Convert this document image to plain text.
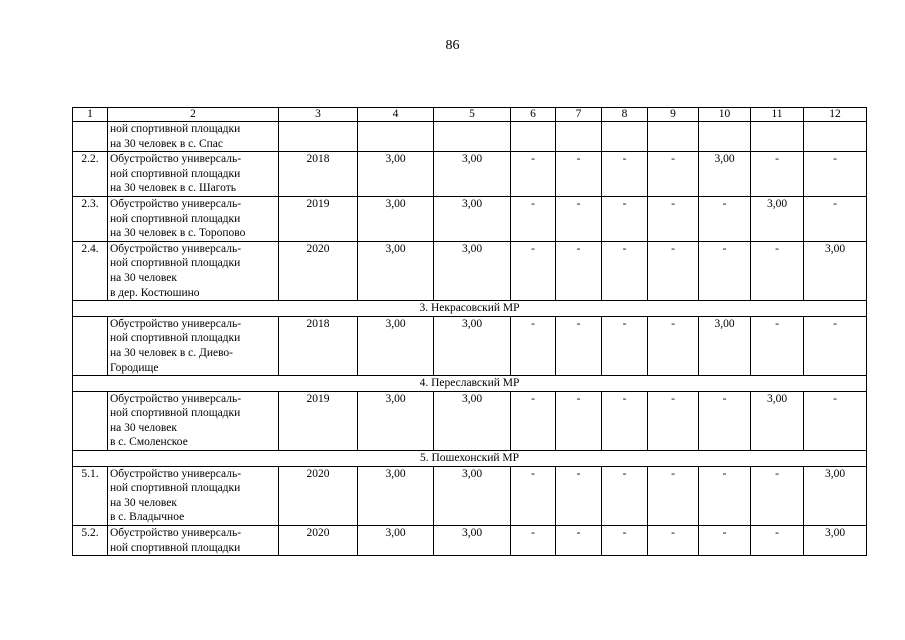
86
1	2	3	4	5	6	7	8	9	10	11	12
	ной спортивной площадки
на 30 человек в с. Спас										
2.2.	Обустройство универсаль-
ной спортивной площадки
на 30 человек в с. Шаготь	2018	3,00	3,00	-	-	-	-	3,00	-	-
2.3.	Обустройство универсаль-
ной спортивной площадки
на 30 человек в с. Торопово	2019	3,00	3,00	-	-	-	-	-	3,00	-
2.4.	Обустройство универсаль-
ной спортивной площадки
на 30 человек
в дер. Костюшино	2020	3,00	3,00	-	-	-	-	-	-	3,00
3. Некрасовский МР											
	Обустройство универсаль-
ной спортивной площадки
на 30 человек в с. Диево-
Городище	2018	3,00	3,00	-	-	-	-	3,00	-	-
4. Переславский МР											
	Обустройство универсаль-
ной спортивной площадки
на 30 человек
в с. Смоленское	2019	3,00	3,00	-	-	-	-	-	3,00	-
5. Пошехонский МР											
5.1.	Обустройство универсаль-
ной спортивной площадки
на 30 человек
в с. Владычное	2020	3,00	3,00	-	-	-	-	-	-	3,00
5.2.	Обустройство универсаль-
ной спортивной площадки	2020	3,00	3,00	-	-	-	-	-	-	3,00
